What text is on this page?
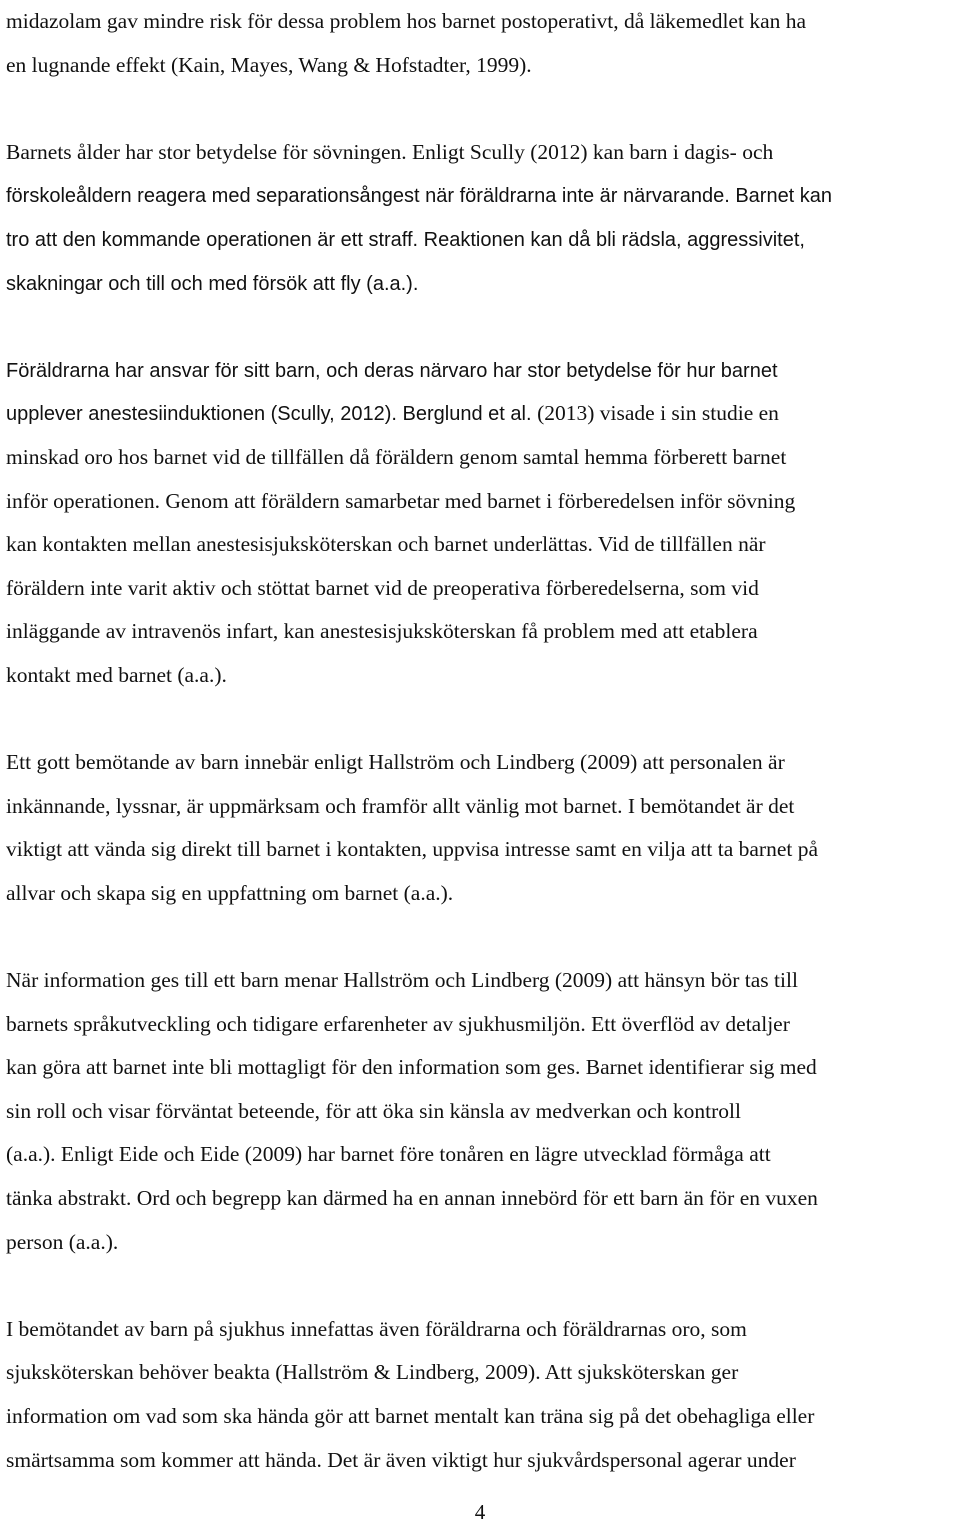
midazolam gav mindre risk för dessa problem hos barnet postoperativt, då läkemedlet kan ha
en lugnande effekt (Kain, Mayes, Wang & Hofstadter, 1999).
Barnets ålder har stor betydelse för sövningen. Enligt Scully (2012) kan barn i dagis- och
förskoleåldern reagera med separationsångest när föräldrarna inte är närvarande. Barnet kan
tro att den kommande operationen är ett straff. Reaktionen kan då bli rädsla, aggressivitet,
skakningar och till och med försök att fly (a.a.).
Föräldrarna har ansvar för sitt barn, och deras närvaro har stor betydelse för hur barnet
upplever anestesiinduktionen (Scully, 2012). Berglund et al. (2013) visade i sin studie en
minskad oro hos barnet vid de tillfällen då föräldern genom samtal hemma förberett barnet
inför operationen. Genom att föräldern samarbetar med barnet i förberedelsen inför sövning
kan kontakten mellan anestesisjuksköterskan och barnet underlättas. Vid de tillfällen när
föräldern inte varit aktiv och stöttat barnet vid de preoperativa förberedelserna, som vid
inläggande av intravenös infart, kan anestesisjuksköterskan få problem med att etablera
kontakt med barnet (a.a.).
Ett gott bemötande av barn innebär enligt Hallström och Lindberg (2009) att personalen är
inkännande, lyssnar, är uppmärksam och framför allt vänlig mot barnet. I bemötandet är det
viktigt att vända sig direkt till barnet i kontakten, uppvisa intresse samt en vilja att ta barnet på
allvar och skapa sig en uppfattning om barnet (a.a.).
När information ges till ett barn menar Hallström och Lindberg (2009) att hänsyn bör tas till
barnets språkutveckling och tidigare erfarenheter av sjukhusmiljön. Ett överflöd av detaljer
kan göra att barnet inte bli mottagligt för den information som ges. Barnet identifierar sig med
sin roll och visar förväntat beteende, för att öka sin känsla av medverkan och kontroll
(a.a.). Enligt Eide och Eide (2009) har barnet före tonåren en lägre utvecklad förmåga att
tänka abstrakt. Ord och begrepp kan därmed ha en annan innebörd för ett barn än för en vuxen
person (a.a.).
I bemötandet av barn på sjukhus innefattas även föräldrarna och föräldrarnas oro, som
sjuksköterskan behöver beakta (Hallström & Lindberg, 2009). Att sjuksköterskan ger
information om vad som ska hända gör att barnet mentalt kan träna sig på det obehagliga eller
smärtsamma som kommer att hända. Det är även viktigt hur sjukvårdspersonal agerar under
4
